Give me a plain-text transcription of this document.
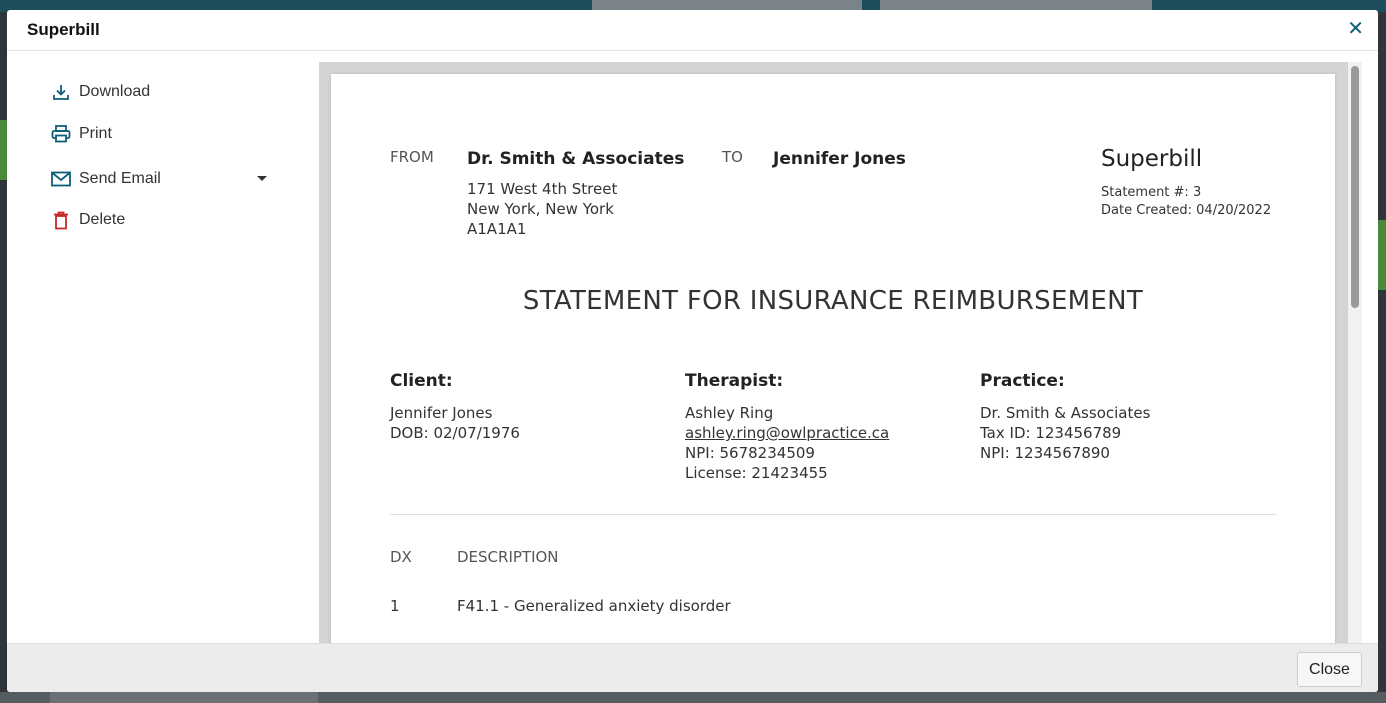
Superbill	✕
Download
Print
Send Email
Delete
FROM Dr. Smith & Associates
171 West 4th Street
New York, New York
A1A1A1
TO Jennifer Jones	Superbill
Statement #: 3
Date Created: 04/20/2022
STATEMENT FOR INSURANCE REIMBURSEMENT
Client:
Jennifer Jones
DOB: 02/07/1976
Therapist:
Ashley Ring
ashley.ring@owlpractice.ca
NPI: 5678234509
License: 21423455
Practice:
Dr. Smith & Associates
Tax ID: 123456789
NPI: 1234567890
DX	DESCRIPTION
1	F41.1 - Generalized anxiety disorder
Close
